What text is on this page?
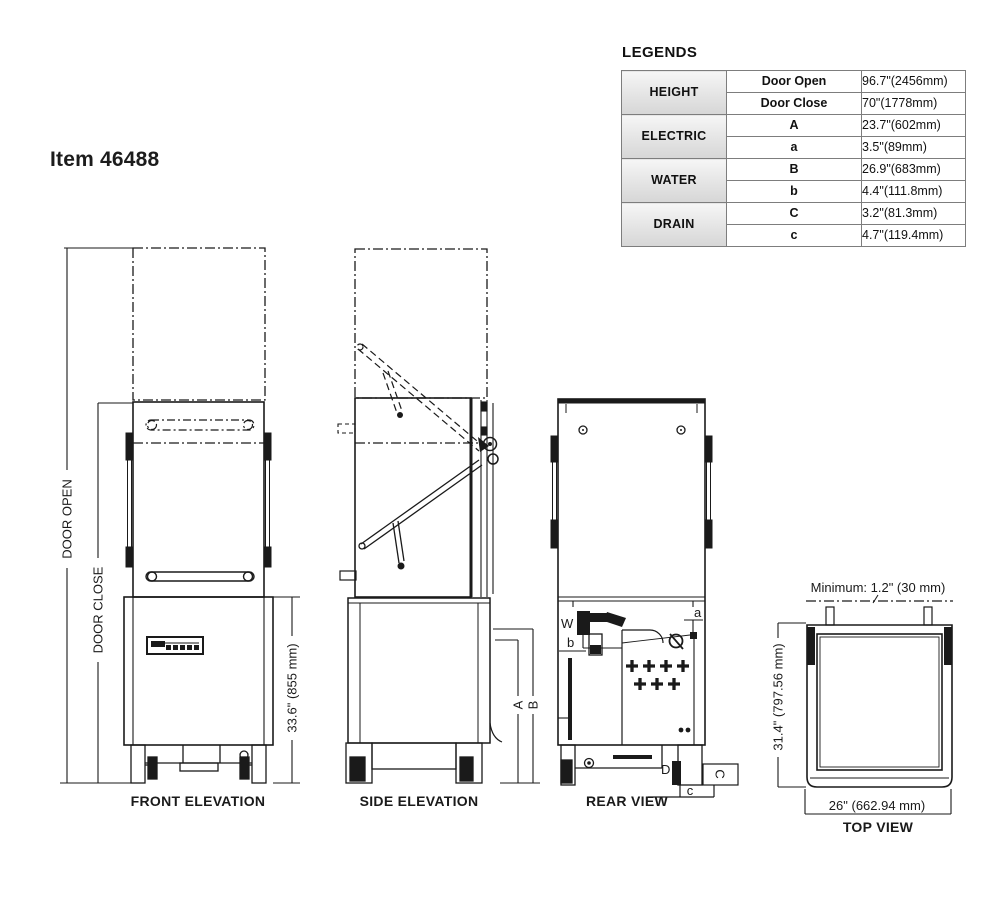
Item 46488
LEGENDS
HEIGHT	Door Open	96.7"(2456mm)
	Door Close	70"(1778mm)
ELECTRIC	A	23.7"(602mm)
	a	3.5"(89mm)
WATER	B	26.9"(683mm)
	b	4.4"(111.8mm)
DRAIN	C	3.2"(81.3mm)
	c	4.7"(119.4mm)
DOOR OPEN
DOOR CLOSE
33.6" (855 mm)
FRONT ELEVATION
A B
SIDE ELEVATION
W
b
a
D	C
c
REAR VIEW
Minimum: 1.2" (30 mm)
31.4" (797.56 mm)
26" (662.94 mm)
TOP VIEW
